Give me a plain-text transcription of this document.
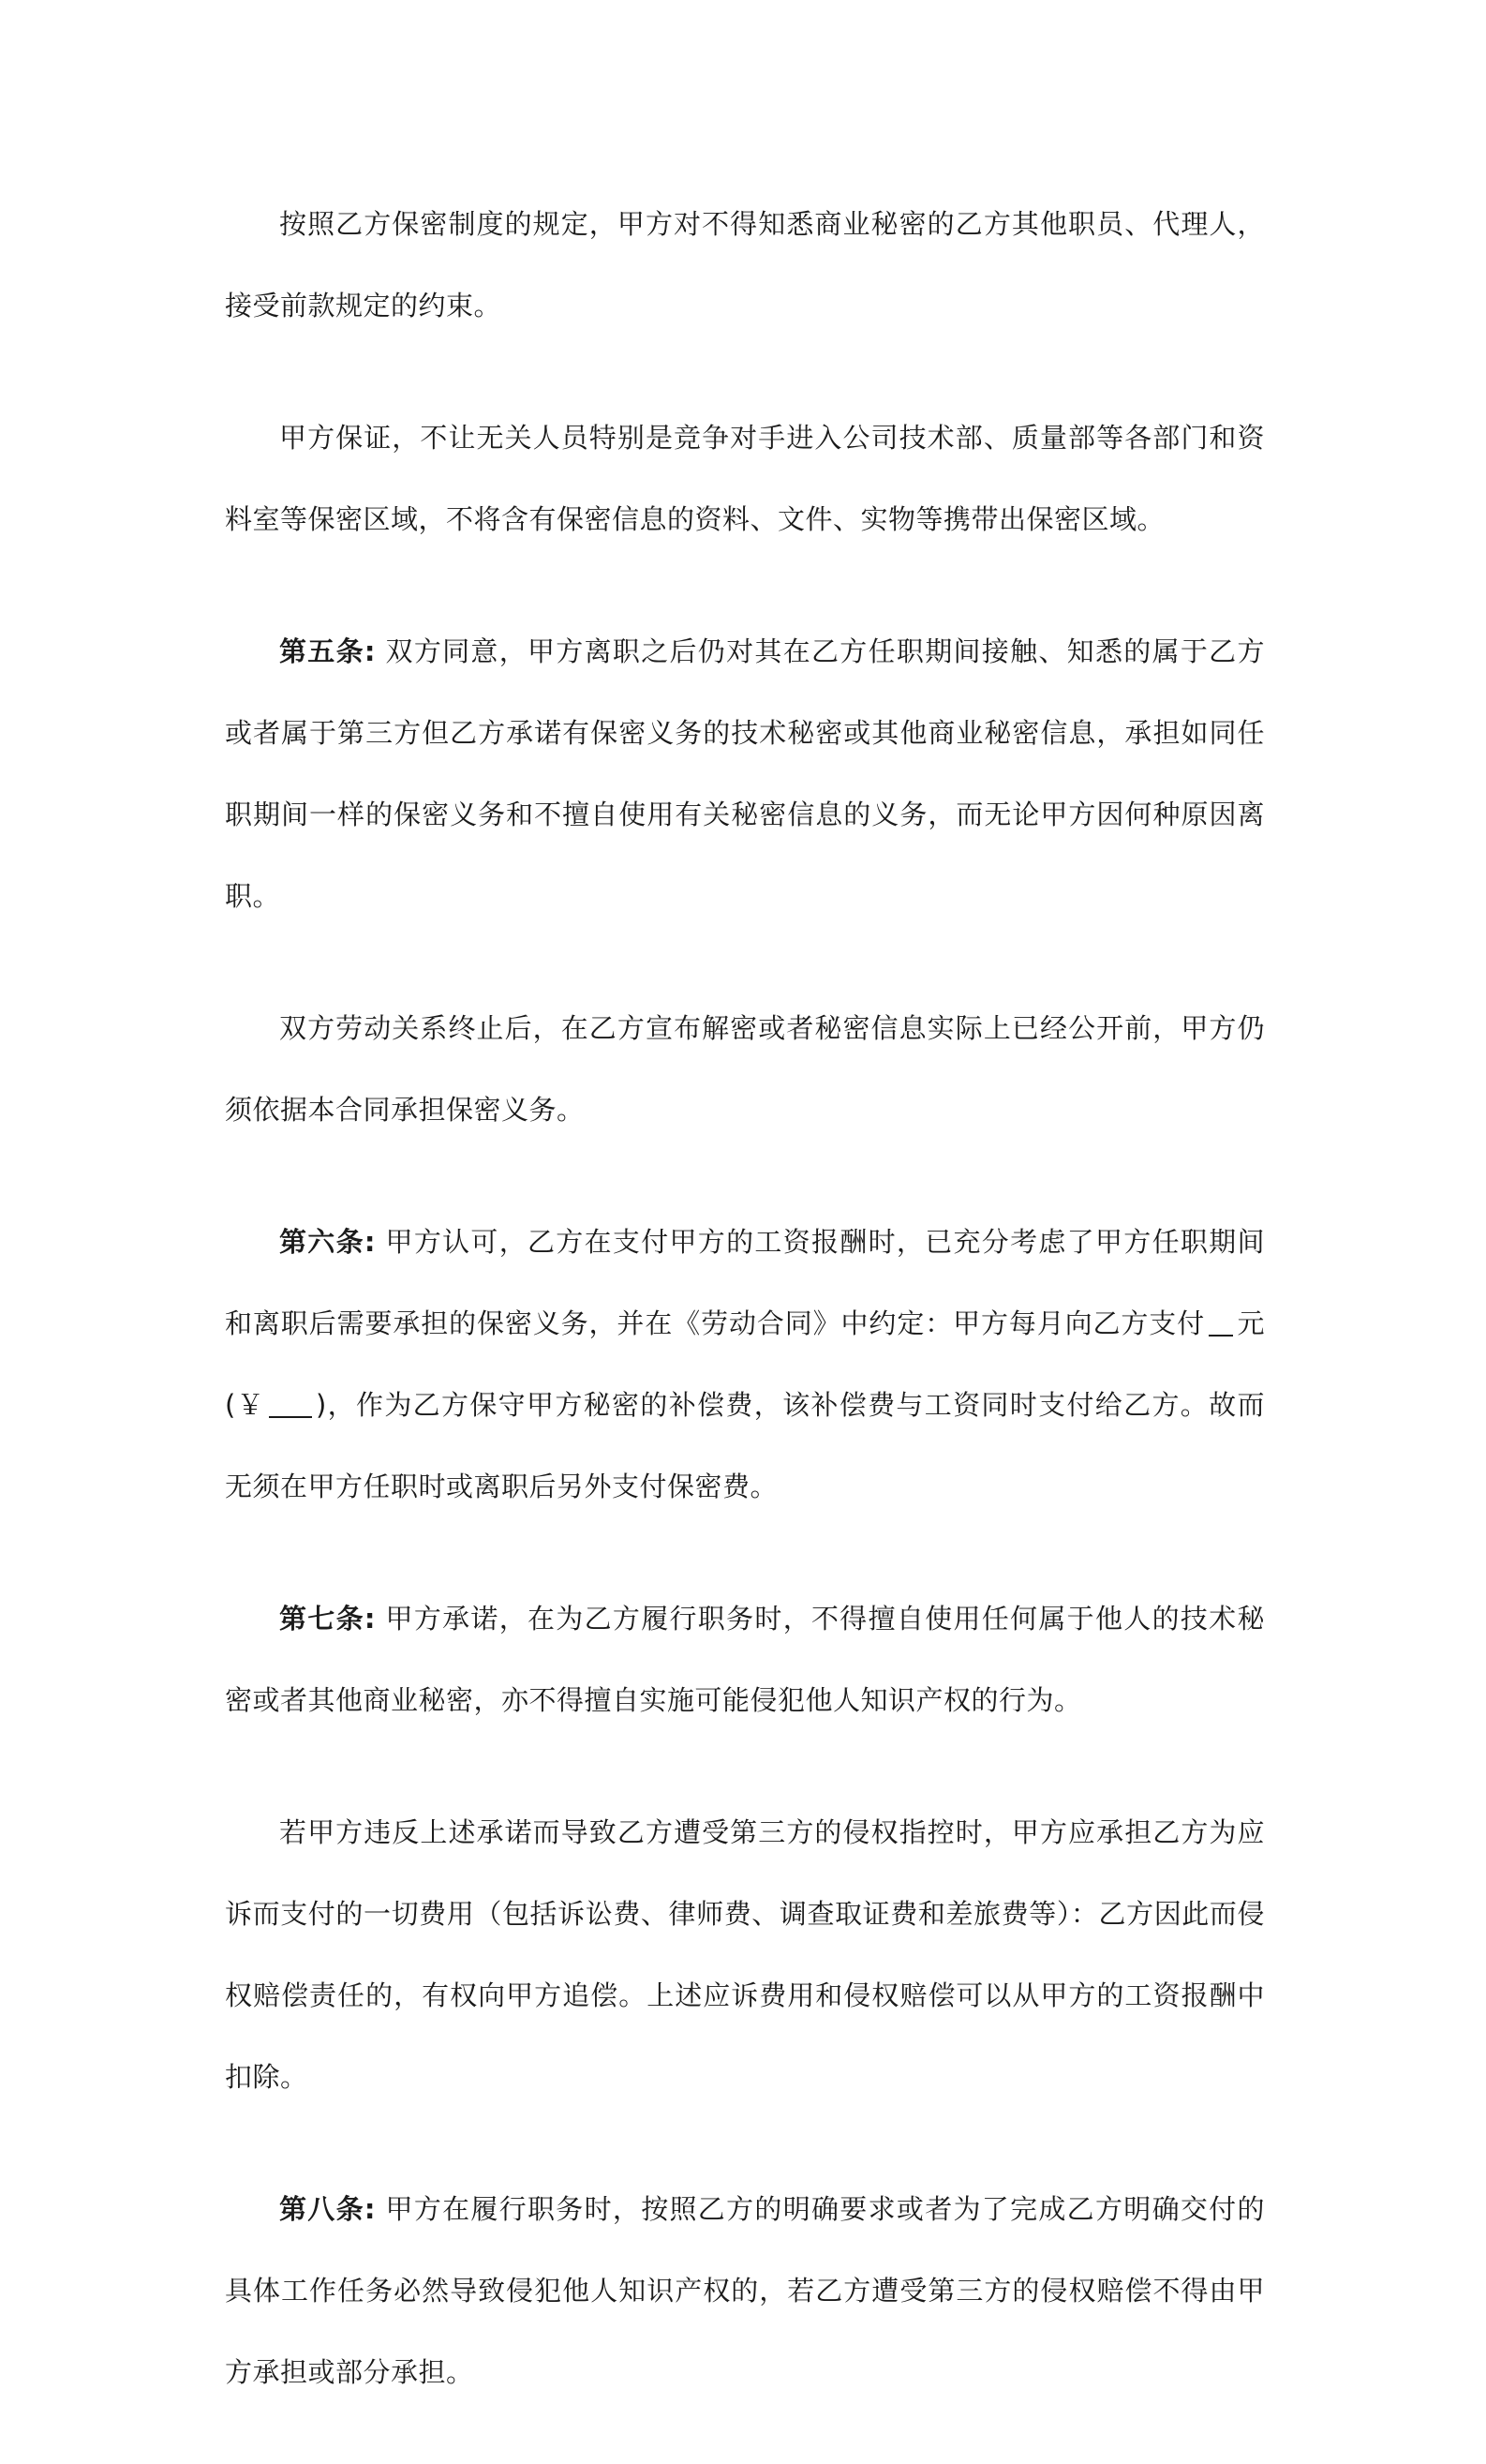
按照乙方保密制度的规定，甲方对不得知悉商业秘密的乙方其他职员、代理人，接受前款规定的约束。

甲方保证，不让无关人员特别是竞争对手进入公司技术部、质量部等各部门和资料室等保密区域，不将含有保密信息的资料、文件、实物等携带出保密区域。

第五条: 双方同意，甲方离职之后仍对其在乙方任职期间接触、知悉的属于乙方或者属于第三方但乙方承诺有保密义务的技术秘密或其他商业秘密信息，承担如同任职期间一样的保密义务和不擅自使用有关秘密信息的义务，而无论甲方因何种原因离职。

双方劳动关系终止后，在乙方宣布解密或者秘密信息实际上已经公开前，甲方仍须依据本合同承担保密义务。

第六条: 甲方认可，乙方在支付甲方的工资报酬时，已充分考虑了甲方任职期间和离职后需要承担的保密义务，并在《劳动合同》中约定：甲方每月向乙方支付 元(￥ )，作为乙方保守甲方秘密的补偿费，该补偿费与工资同时支付给乙方。故而无须在甲方任职时或离职后另外支付保密费。

第七条: 甲方承诺，在为乙方履行职务时，不得擅自使用任何属于他人的技术秘密或者其他商业秘密，亦不得擅自实施可能侵犯他人知识产权的行为。

若甲方违反上述承诺而导致乙方遭受第三方的侵权指控时，甲方应承担乙方为应诉而支付的一切费用（包括诉讼费、律师费、调查取证费和差旅费等）：乙方因此而侵权赔偿责任的，有权向甲方追偿。上述应诉费用和侵权赔偿可以从甲方的工资报酬中扣除。

第八条: 甲方在履行职务时，按照乙方的明确要求或者为了完成乙方明确交付的具体工作任务必然导致侵犯他人知识产权的，若乙方遭受第三方的侵权赔偿不得由甲方承担或部分承担。
